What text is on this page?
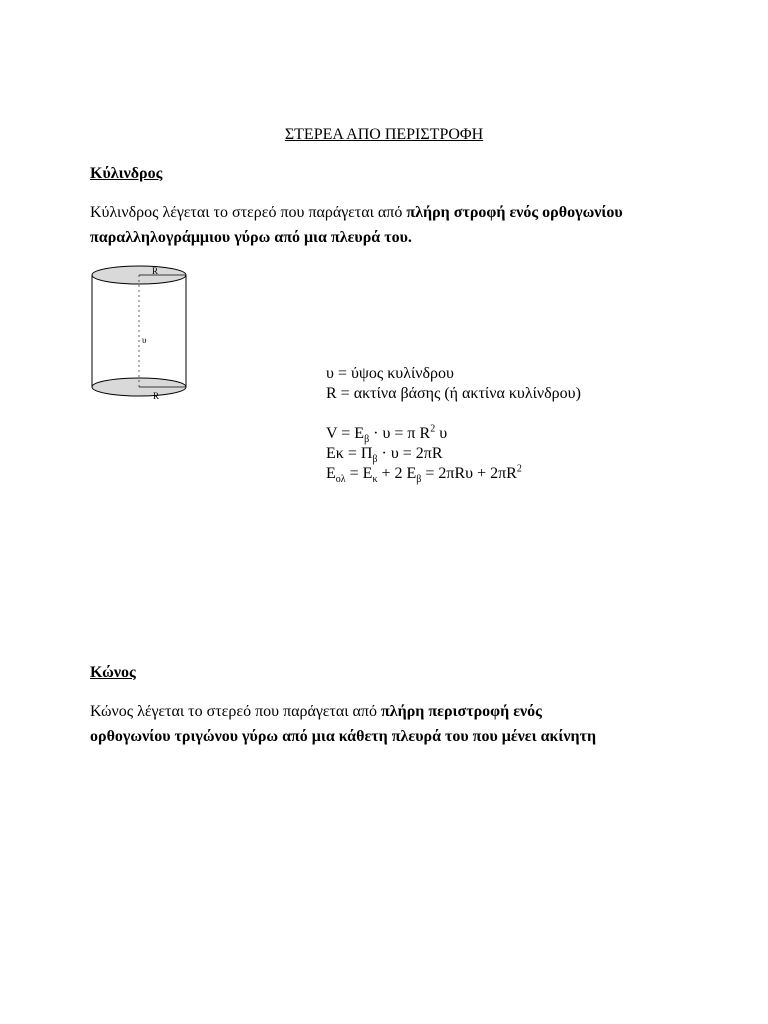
ΣΤΕΡΕΑ ΑΠΟ ΠΕΡΙΣΤΡΟΦΗ
Κύλινδρος
Κύλινδρος λέγεται το στερεό που παράγεται από πλήρη στροφή ενός ορθογωνίου
παραλληλογράμμιου γύρω από μια πλευρά του.
R
υ
R
υ = ύψος κυλίνδρου
R = ακτίνα βάσης (ή ακτίνα κυλίνδρου)
$V = E_\beta \cdot \upsilon = \pi$ $R^2$ υ
$E\kappa = \Pi_\beta \cdot \upsilon = 2\pi R$
$E_{o\lambda} = E_\kappa + 2$ $E_\beta = 2\pi R\upsilon + 2\pi R^2$
Κώνος
Κώνος λέγεται το στερεό που παράγεται από πλήρη περιστροφή ενός
ορθογωνίου τριγώνου γύρω από μια κάθετη πλευρά του που μένει ακίνητη
